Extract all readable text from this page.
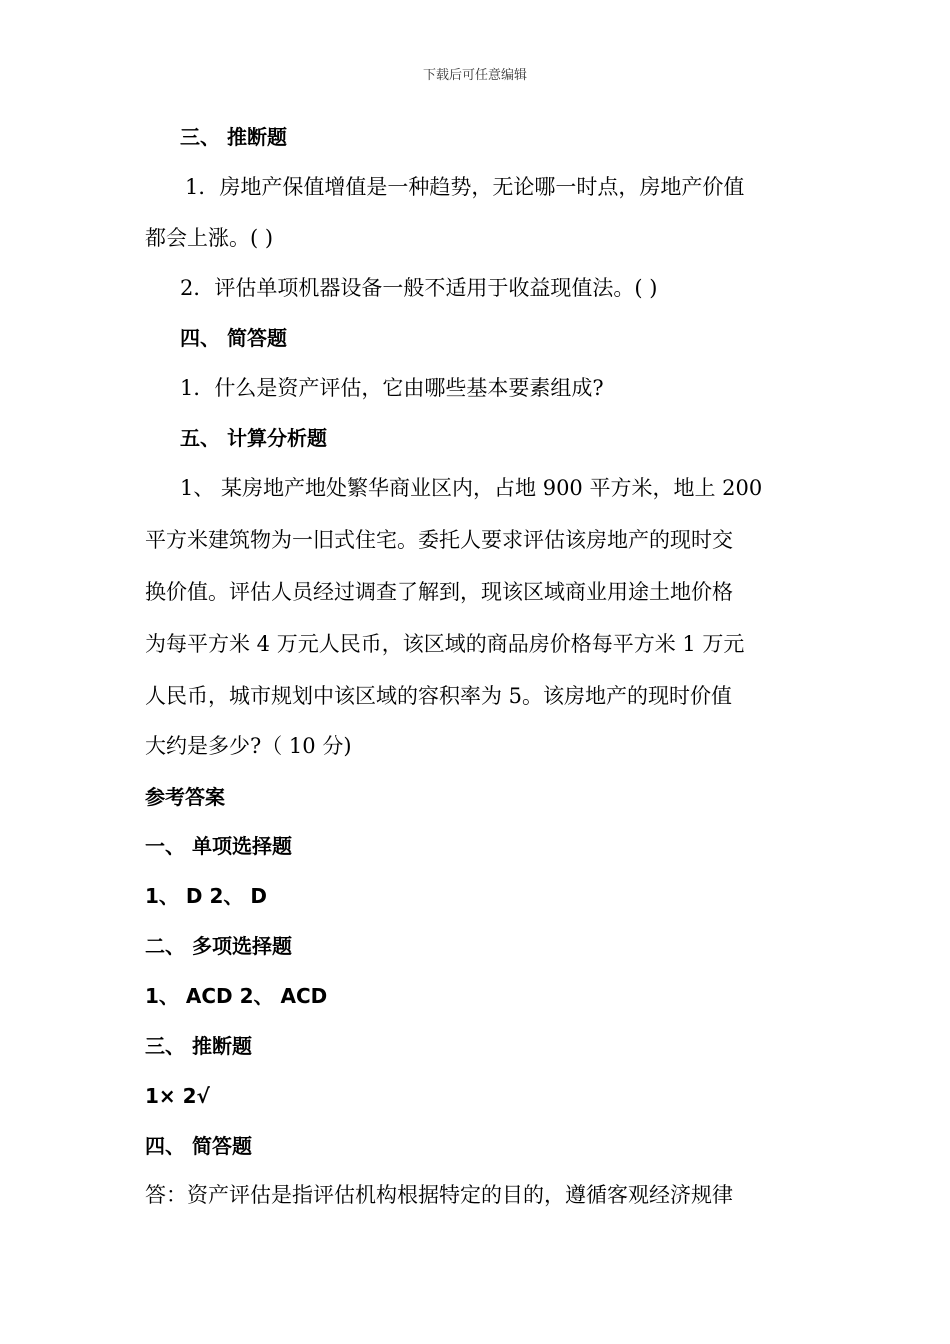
下载后可任意编辑
三、 推断题
1．房地产保值增值是一种趋势，无论哪一时点，房地产价值
都会上涨。( )
2．评估单项机器设备一般不适用于收益现值法。( )
四、 简答题
1．什么是资产评估，它由哪些基本要素组成?
五、 计算分析题
1、 某房地产地处繁华商业区内，占地 900 平方米，地上 200
平方米建筑物为一旧式住宅。委托人要求评估该房地产的现时交
换价值。评估人员经过调查了解到，现该区域商业用途土地价格
为每平方米 4 万元人民币，该区域的商品房价格每平方米 1 万元
人民币，城市规划中该区域的容积率为 5。该房地产的现时价值
大约是多少?（ 10 分)
参考答案
一、 单项选择题
1、 D 2、 D
二、 多项选择题
1、 ACD 2、 ACD
三、 推断题
1× 2√
四、 简答题
答：资产评估是指评估机构根据特定的目的，遵循客观经济规律
